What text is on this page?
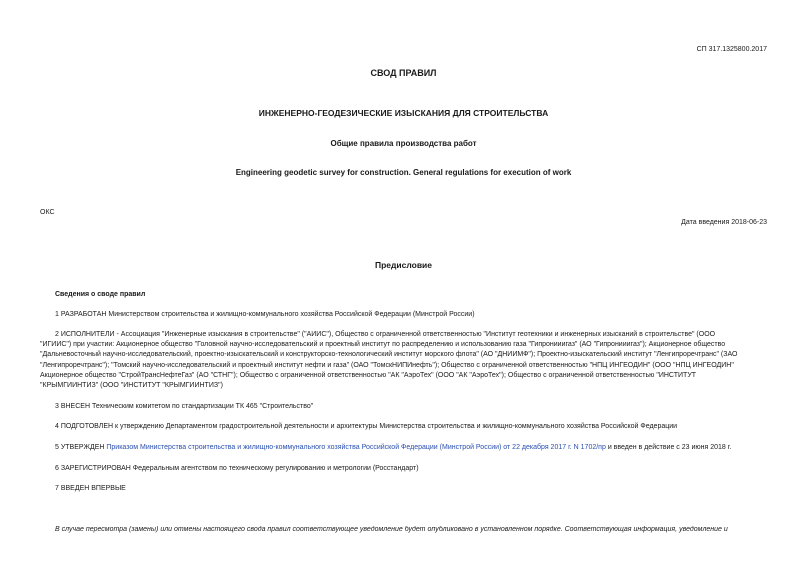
СП 317.1325800.2017
СВОД ПРАВИЛ
ИНЖЕНЕРНО-ГЕОДЕЗИЧЕСКИЕ ИЗЫСКАНИЯ ДЛЯ СТРОИТЕЛЬСТВА
Общие правила производства работ
Engineering geodetic survey for construction. General regulations for execution of work
ОКС
Дата введения 2018-06-23
Предисловие
Сведения о своде правил
1 РАЗРАБОТАН Министерством строительства и жилищно-коммунального хозяйства Российской Федерации (Минстрой России)
2 ИСПОЛНИТЕЛИ - Ассоциация "Инженерные изыскания в строительстве" ("АИИС"), Общество с ограниченной ответственностью "Институт геотехники и инженерных изысканий в строительстве" (ООО
"ИГИИС") при участии: Акционерное общество "Головной научно-исследовательский и проектный институт по распределению и использованию газа "Гипронииигаз" (АО "Гипронииигаз"); Акционерное общество
"Дальневосточный научно-исследовательский, проектно-изыскательский и конструкторско-технологический институт морского флота" (АО "ДНИИМФ"); Проектно-изыскательский институт "Ленгипроречтранс" (ЗАО
"Ленгипроречтранс"); "Томский научно-исследовательский и проектный институт нефти и газа" (ОАО "ТомскНИПИнефть"); Общество с ограниченной ответственностью "НПЦ ИНГЕОДИН" (ООО "НПЦ ИНГЕОДИН"
Акционерное общество "СтройТрансНефтеГаз" (АО "СТНГ"); Общество с ограниченной ответственностью "АК "АэроТех" (ООО "АК "АэроТех"); Общество с ограниченной ответственностью "ИНСТИТУТ
"КРЫМГИИНТИЗ" (ООО "ИНСТИТУТ "КРЫМГИИНТИЗ")
3 ВНЕСЕН Техническим комитетом по стандартизации ТК 465 "Строительство"
4 ПОДГОТОВЛЕН к утверждению Департаментом градостроительной деятельности и архитектуры Министерства строительства и жилищно-коммунального хозяйства Российской Федерации
5 УТВЕРЖДЕН Приказом Министерства строительства и жилищно-коммунального хозяйства Российской Федерации (Минстрой России) от 22 декабря 2017 г. N 1702/пр и введен в действие с 23 июня 2018 г.
6 ЗАРЕГИСТРИРОВАН Федеральным агентством по техническому регулированию и метрологии (Росстандарт)
7 ВВЕДЕН ВПЕРВЫЕ
В случае пересмотра (замены) или отмены настоящего свода правил соответствующее уведомление будет опубликовано в установленном порядке. Соответствующая информация, уведомление и
